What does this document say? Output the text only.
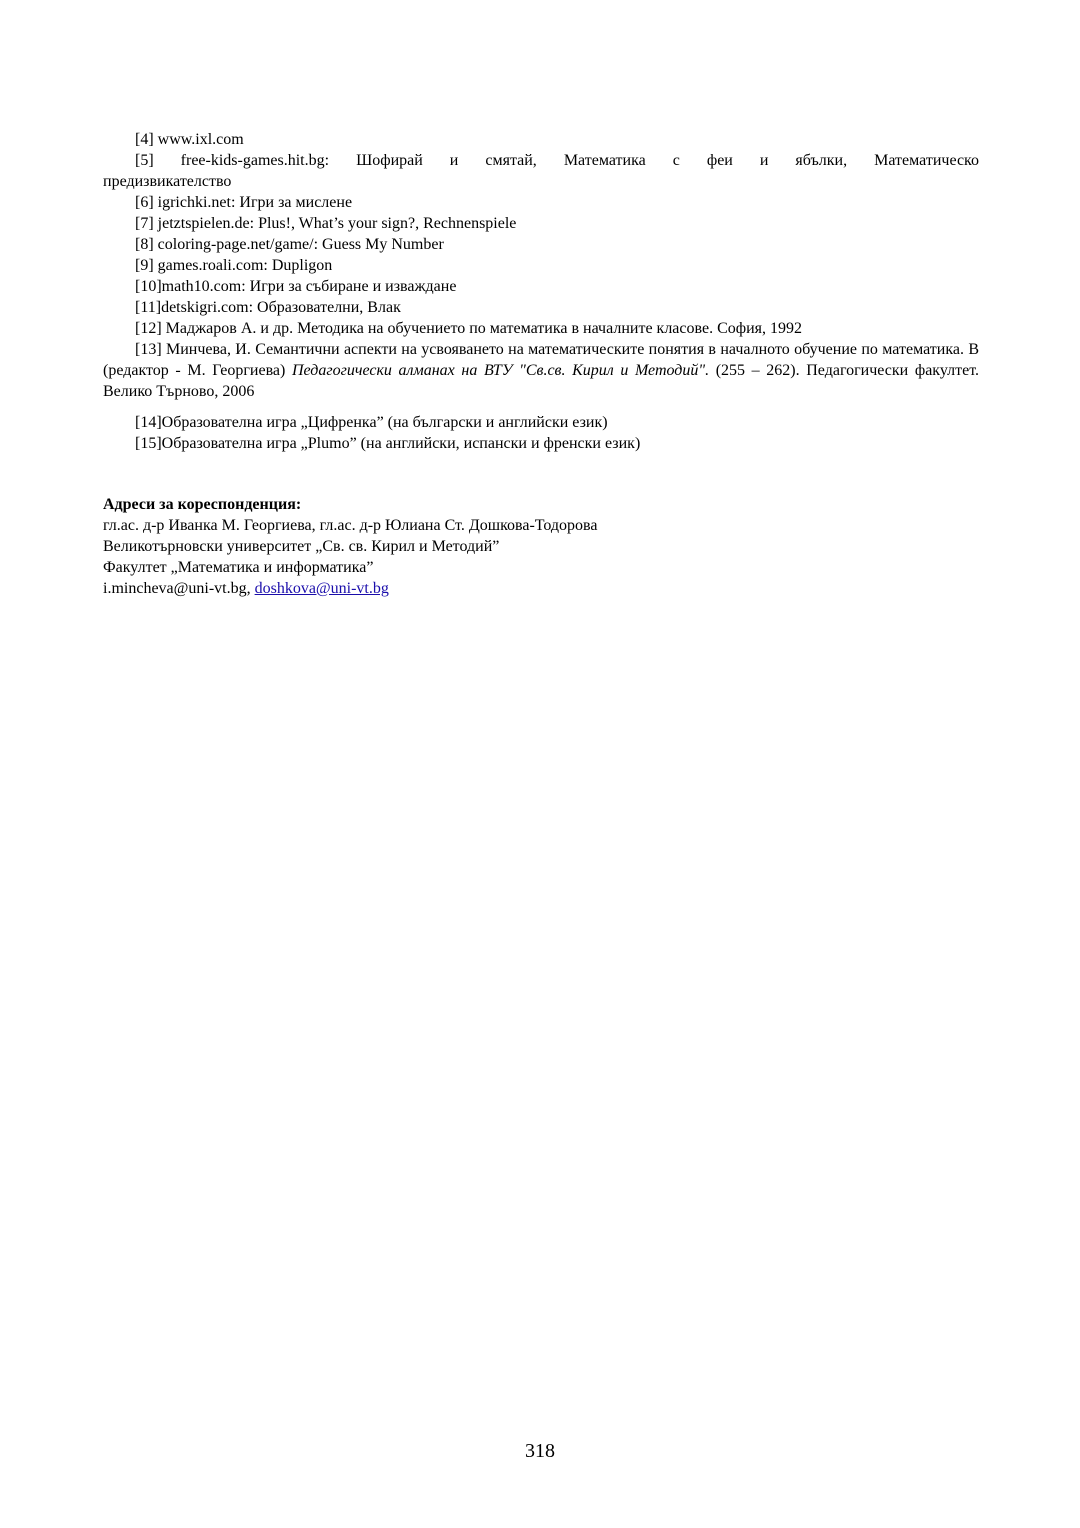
[4] www.ixl.com
[5] free-kids-games.hit.bg: Шофирай и смятай, Математика с феи и ябълки, Математическо
предизвикателство
[6] igrichki.net: Игри за мислене
[7] jetztspielen.de: Plus!, What’s your sign?, Rechnenspiele
[8] coloring-page.net/game/: Guess My Number
[9] games.roali.com: Dupligon
[10]math10.com: Игри за събиране и изваждане
[11]detskigri.com: Образователни, Влак
[12] Маджаров А. и др. Методика на обучението по математика в началните класове. София, 1992
[13] Минчева, И. Семантични аспекти на усвояването на математическите понятия в началното обучение по математика. В (редактор - М. Георгиева) Педагогически алманах на ВТУ "Св.св. Кирил и Методий". (255 – 262). Педагогически факултет. Велико Търново, 2006
[14]Образователна игра „Цифренка” (на български и английски език)
[15]Образователна игра „Plumo” (на английски, испански и френски език)
Адреси за кореспонденция:
гл.ас. д-р Иванка М. Георгиева, гл.ас. д-р Юлиана Ст. Дошкова-Тодорова
Великотърновски университет „Св. св. Кирил и Методий”
Факултет „Математика и информатика”
i.mincheva@uni-vt.bg, doshkova@uni-vt.bg
318
